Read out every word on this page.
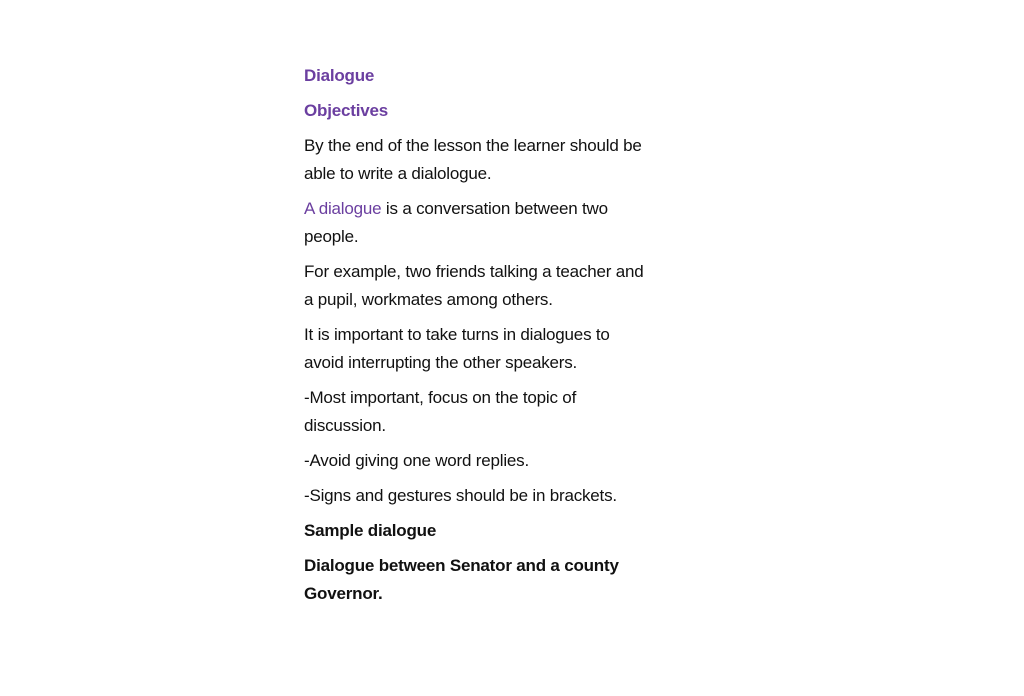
Dialogue

Objectives

By the end of the lesson the learner should be
able to write a dialologue.

A dialogue is a conversation between two
people.

For example, two friends talking a teacher and
a pupil, workmates among others.

It is important to take turns in dialogues to
avoid interrupting the other speakers.

-Most important, focus on the topic of
discussion.

-Avoid giving one word replies.

-Signs and gestures should be in brackets.

Sample dialogue

Dialogue between Senator and a county
Governor.
